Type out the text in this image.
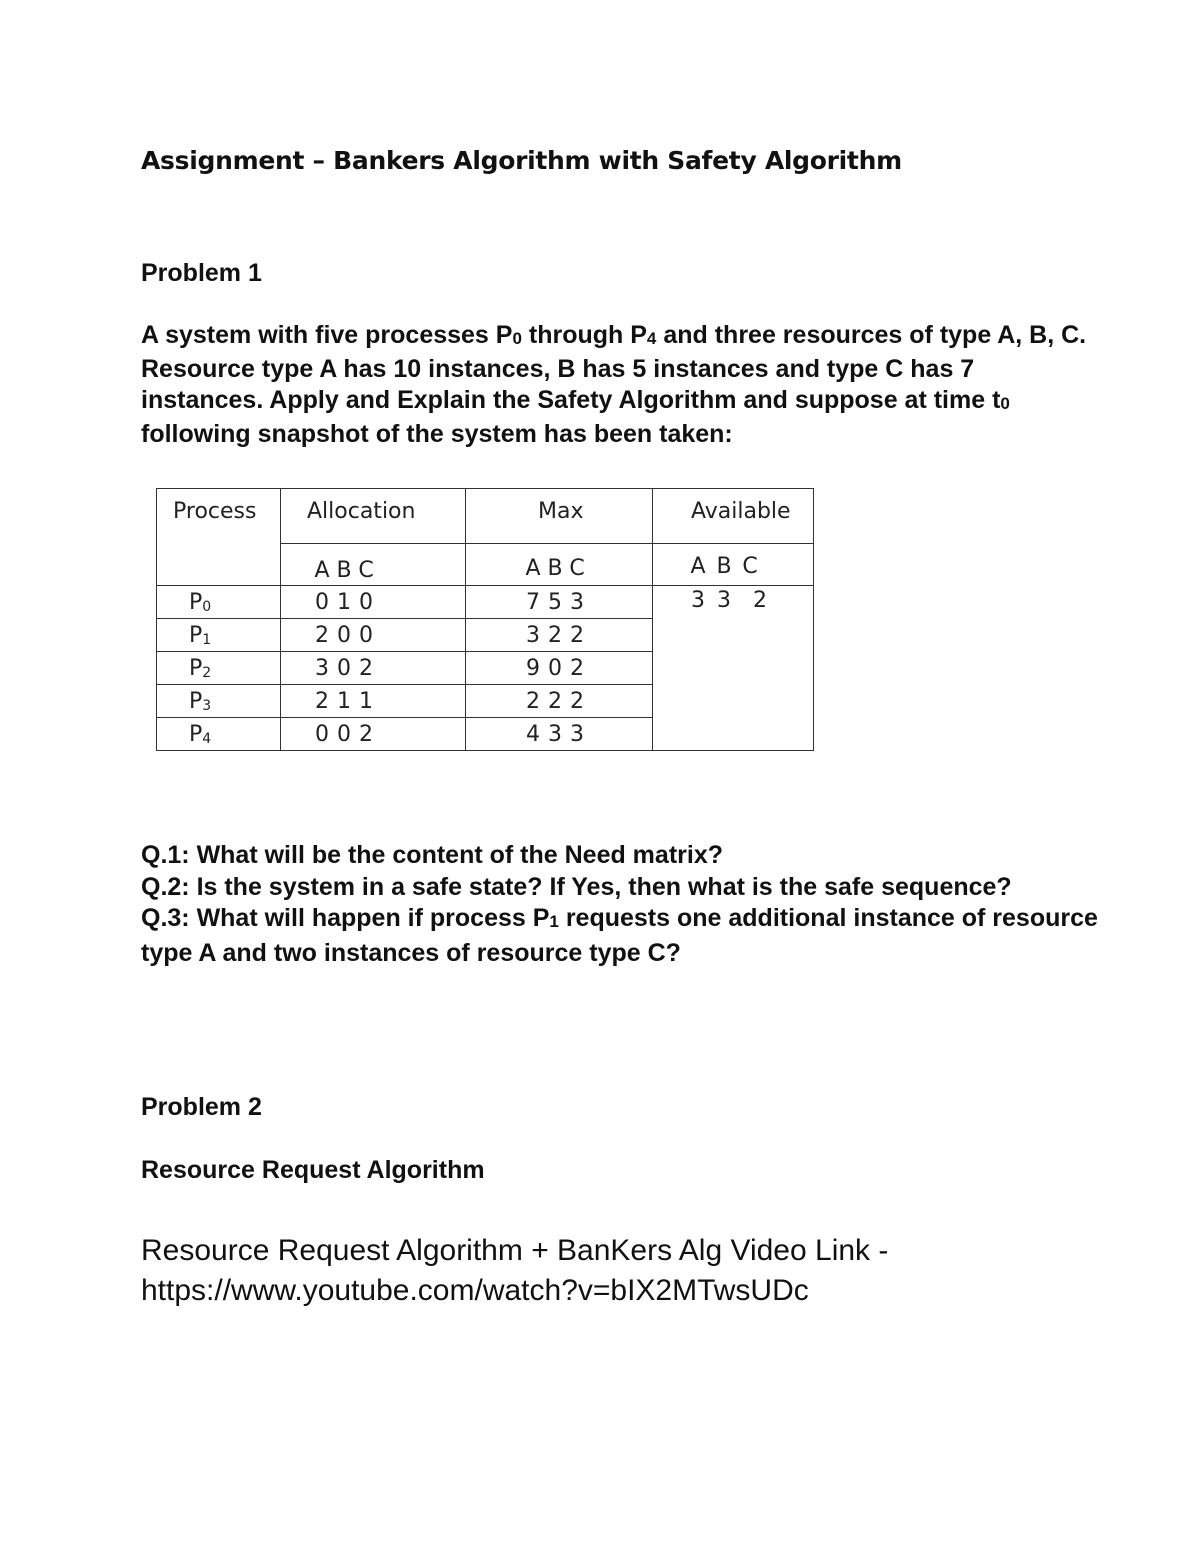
Assignment – Bankers Algorithm with Safety Algorithm
Problem 1
A system with five processes $P_0$ through $P_4$ and three resources of type A, B, C. Resource type A has 10 instances, B has 5 instances and type C has 7 instances. Apply and Explain the Safety Algorithm and suppose at time $t_0$ following snapshot of the system has been taken:
Process	Allocation	Max	Available

	A B C	A B C	A B C

$P_0$	0 1 0	7 5 3	3 3 2

$P_1$	2 0 0	3 2 2	

$P_2$	3 0 2	9 0 2	

$P_3$	2 1 1	2 2 2	

$P_4$	0 0 2	4 3 3	
Q.1: What will be the content of the Need matrix?
Q.2: Is the system in a safe state? If Yes, then what is the safe sequence?
Q.3: What will happen if process $P_1$ requests one additional instance of resource type A and two instances of resource type C?
Problem 2
Resource Request Algorithm
Resource Request Algorithm + BanKers Alg Video Link -
https://www.youtube.com/watch?v=bIX2MTwsUDc
